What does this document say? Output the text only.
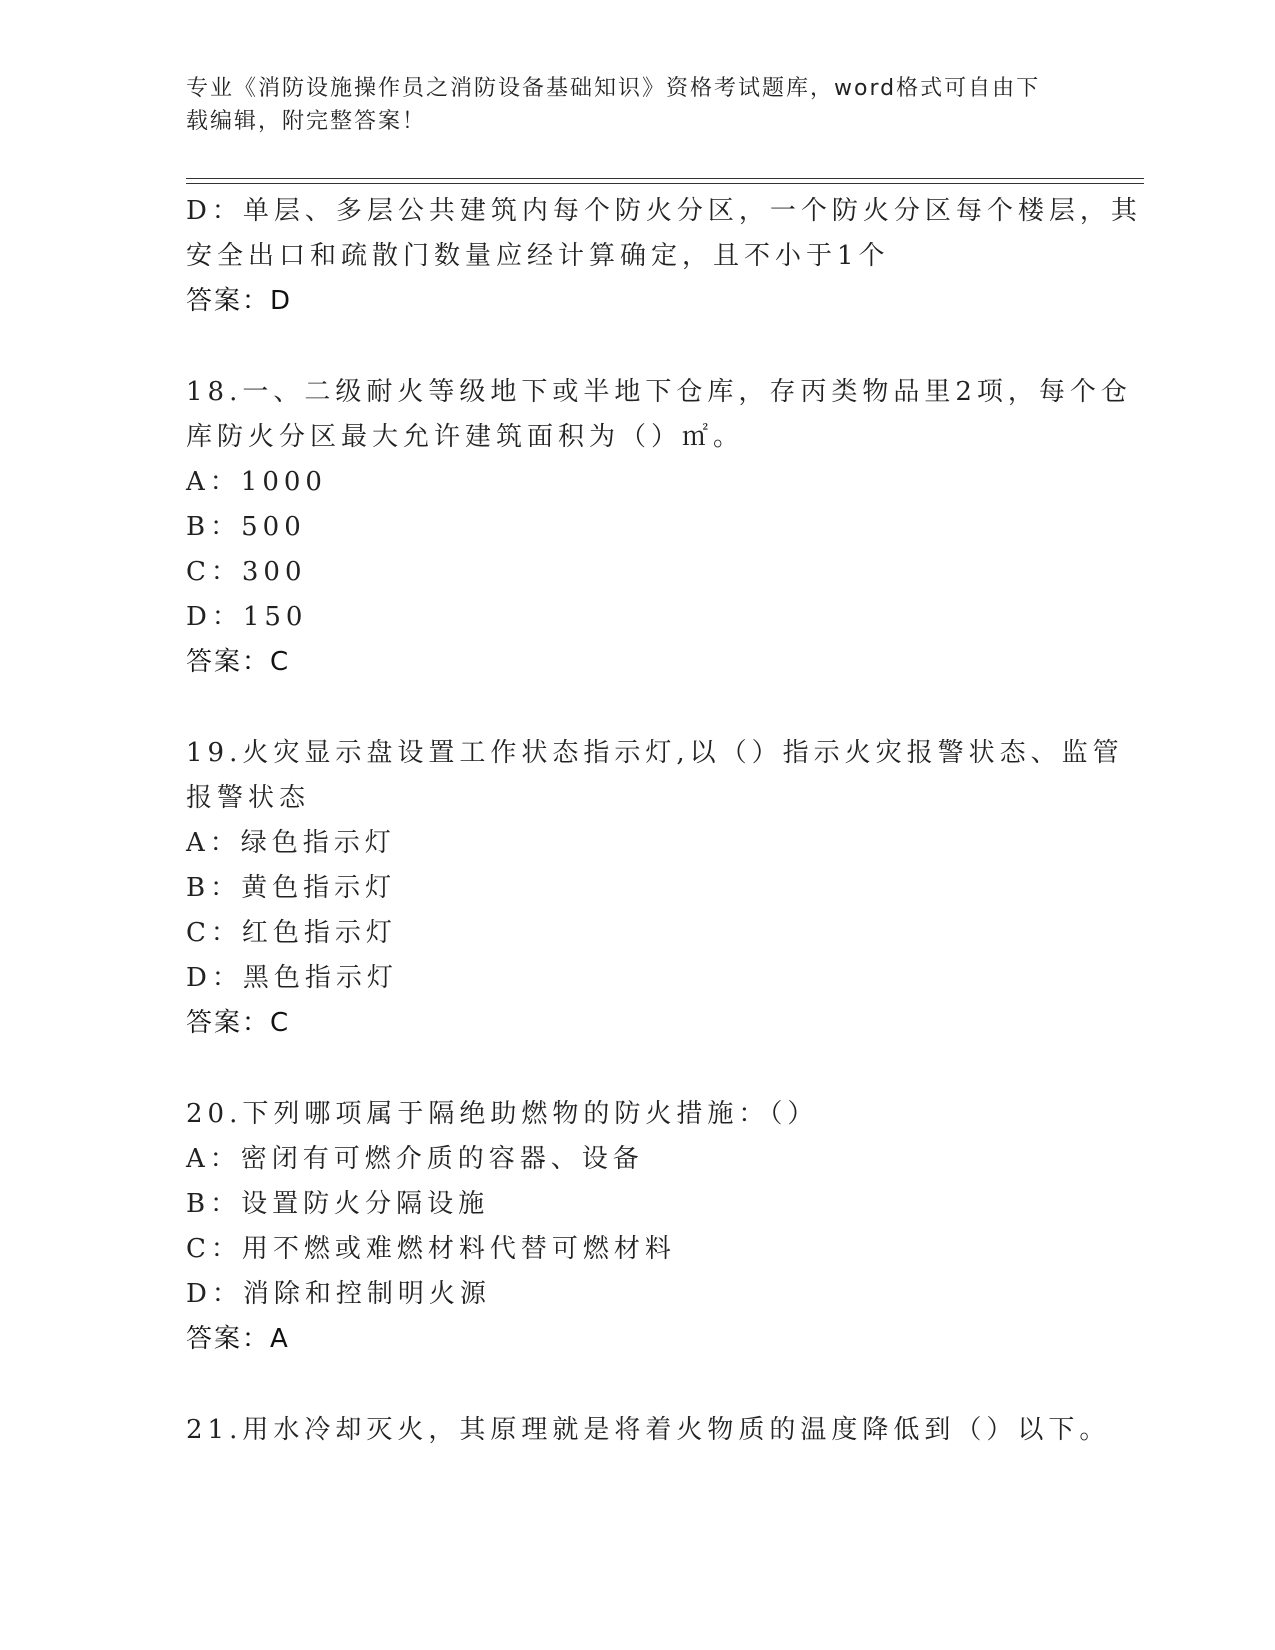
专业《消防设施操作员之消防设备基础知识》资格考试题库，word格式可自由下
载编辑，附完整答案！
D：单层、多层公共建筑内每个防火分区，一个防火分区每个楼层，其
安全出口和疏散门数量应经计算确定，且不小于1个
答案：D
18.一、二级耐火等级地下或半地下仓库，存丙类物品里2项，每个仓
库防火分区最大允许建筑面积为（）㎡。
A：1000
B：500
C：300
D：150
答案：C
19.火灾显示盘设置工作状态指示灯,以（）指示火灾报警状态、监管
报警状态
A：绿色指示灯
B：黄色指示灯
C：红色指示灯
D：黑色指示灯
答案：C
20.下列哪项属于隔绝助燃物的防火措施：（）
A：密闭有可燃介质的容器、设备
B：设置防火分隔设施
C：用不燃或难燃材料代替可燃材料
D：消除和控制明火源
答案：A
21.用水冷却灭火，其原理就是将着火物质的温度降低到（）以下。
